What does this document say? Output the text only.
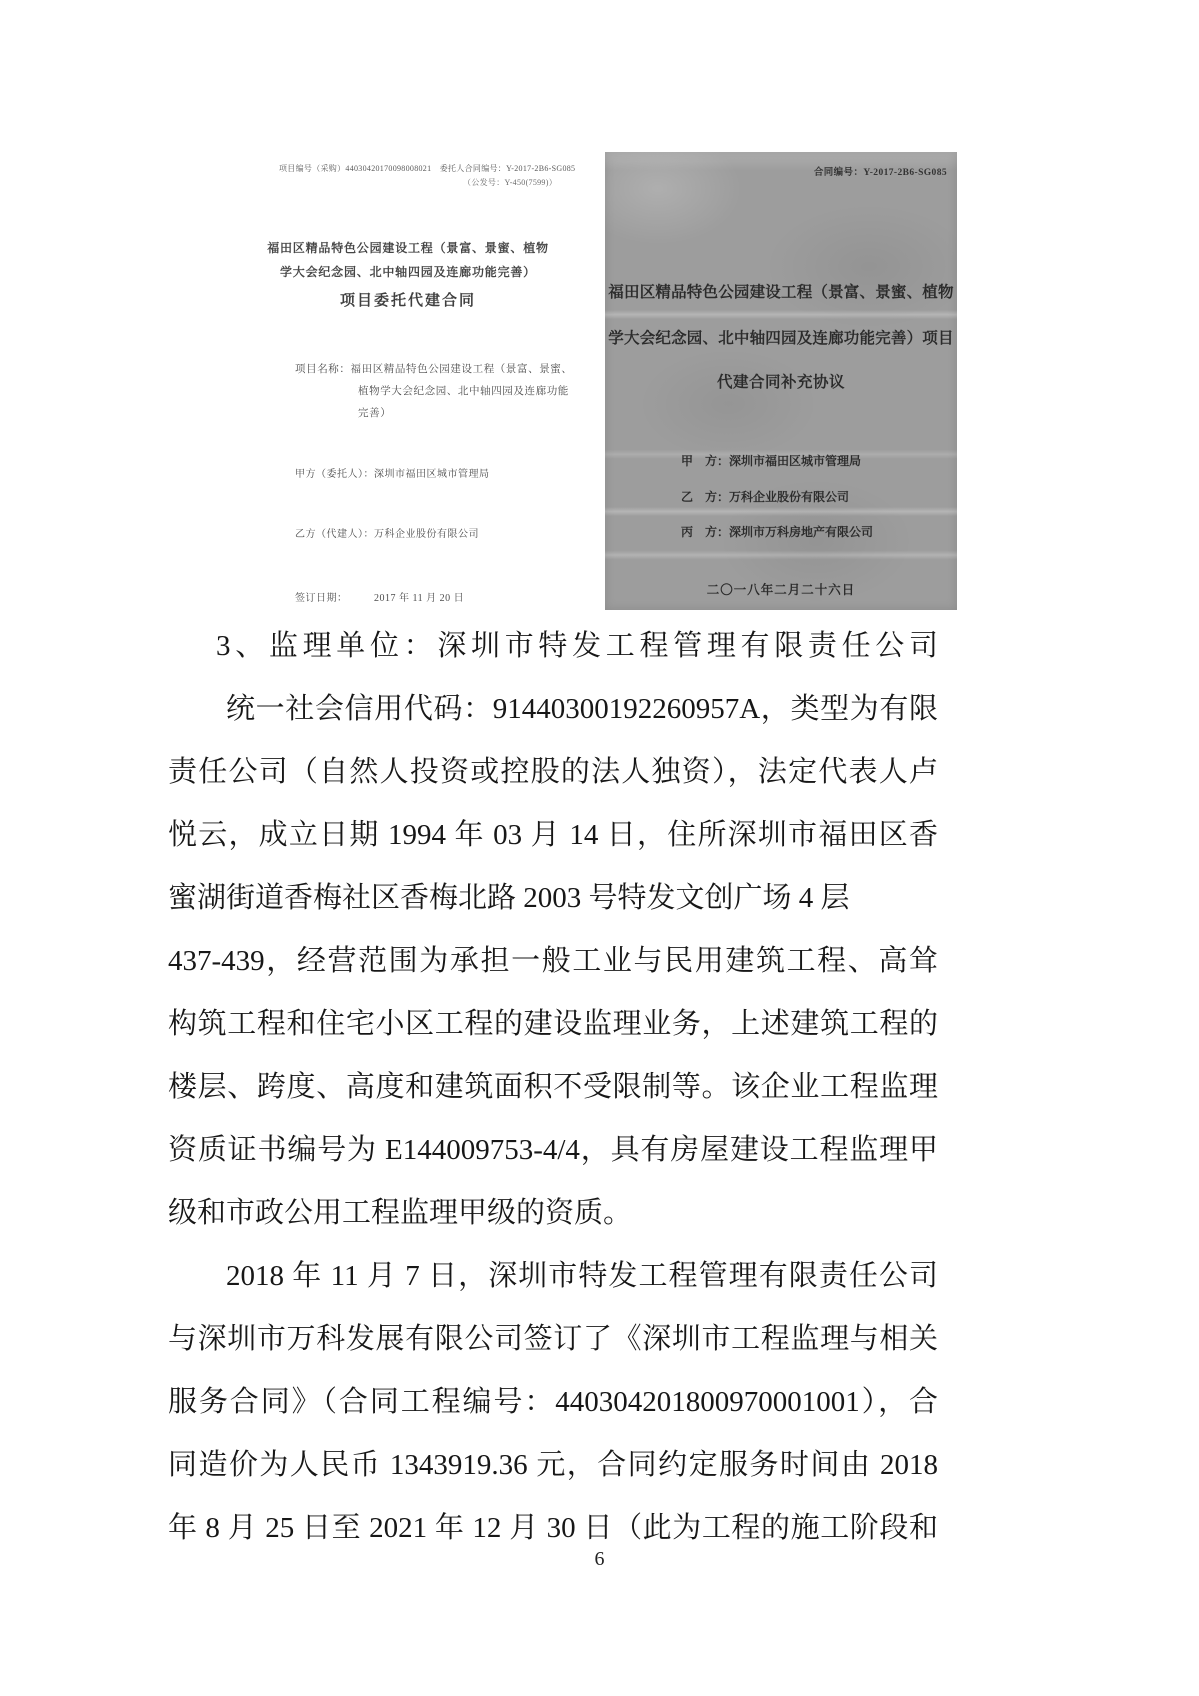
项目编号（采购）44030420170098008021　委托人合同编号：Y-2017-2B6-SG085
（公发号：Y-450(7599)）
福田区精品特色公园建设工程（景富、景蜜、植物
学大会纪念园、北中轴四园及连廊功能完善）
项目委托代建合同
项目名称：福田区精品特色公园建设工程（景富、景蜜、
植物学大会纪念园、北中轴四园及连廊功能
完善）
甲方（委托人）：深圳市福田区城市管理局
乙方（代建人）：万科企业股份有限公司
签订日期：　　　2017 年 11 月 20 日
合同编号：Y-2017-2B6-SG085
福田区精品特色公园建设工程（景富、景蜜、植物
学大会纪念园、北中轴四园及连廊功能完善）项目
代建合同补充协议
甲　方：深圳市福田区城市管理局
乙　方：万科企业股份有限公司
丙　方：深圳市万科房地产有限公司
二〇一八年二月二十六日
3、监理单位：深圳市特发工程管理有限责任公司
统一社会信用代码：91440300192260957A，类型为有限
责任公司（自然人投资或控股的法人独资），法定代表人卢
悦云，成立日期 1994 年 03 月 14 日，住所深圳市福田区香
蜜湖街道香梅社区香梅北路 2003 号特发文创广场 4 层
437-439，经营范围为承担一般工业与民用建筑工程、高耸
构筑工程和住宅小区工程的建设监理业务，上述建筑工程的
楼层、跨度、高度和建筑面积不受限制等。该企业工程监理
资质证书编号为 E144009753-4/4，具有房屋建设工程监理甲
级和市政公用工程监理甲级的资质。
2018 年 11 月 7 日，深圳市特发工程管理有限责任公司
与深圳市万科发展有限公司签订了《深圳市工程监理与相关
服务合同》（合同工程编号：440304201800970001001），合
同造价为人民币 1343919.36 元，合同约定服务时间由 2018
年 8 月 25 日至 2021 年 12 月 30 日（此为工程的施工阶段和
6
